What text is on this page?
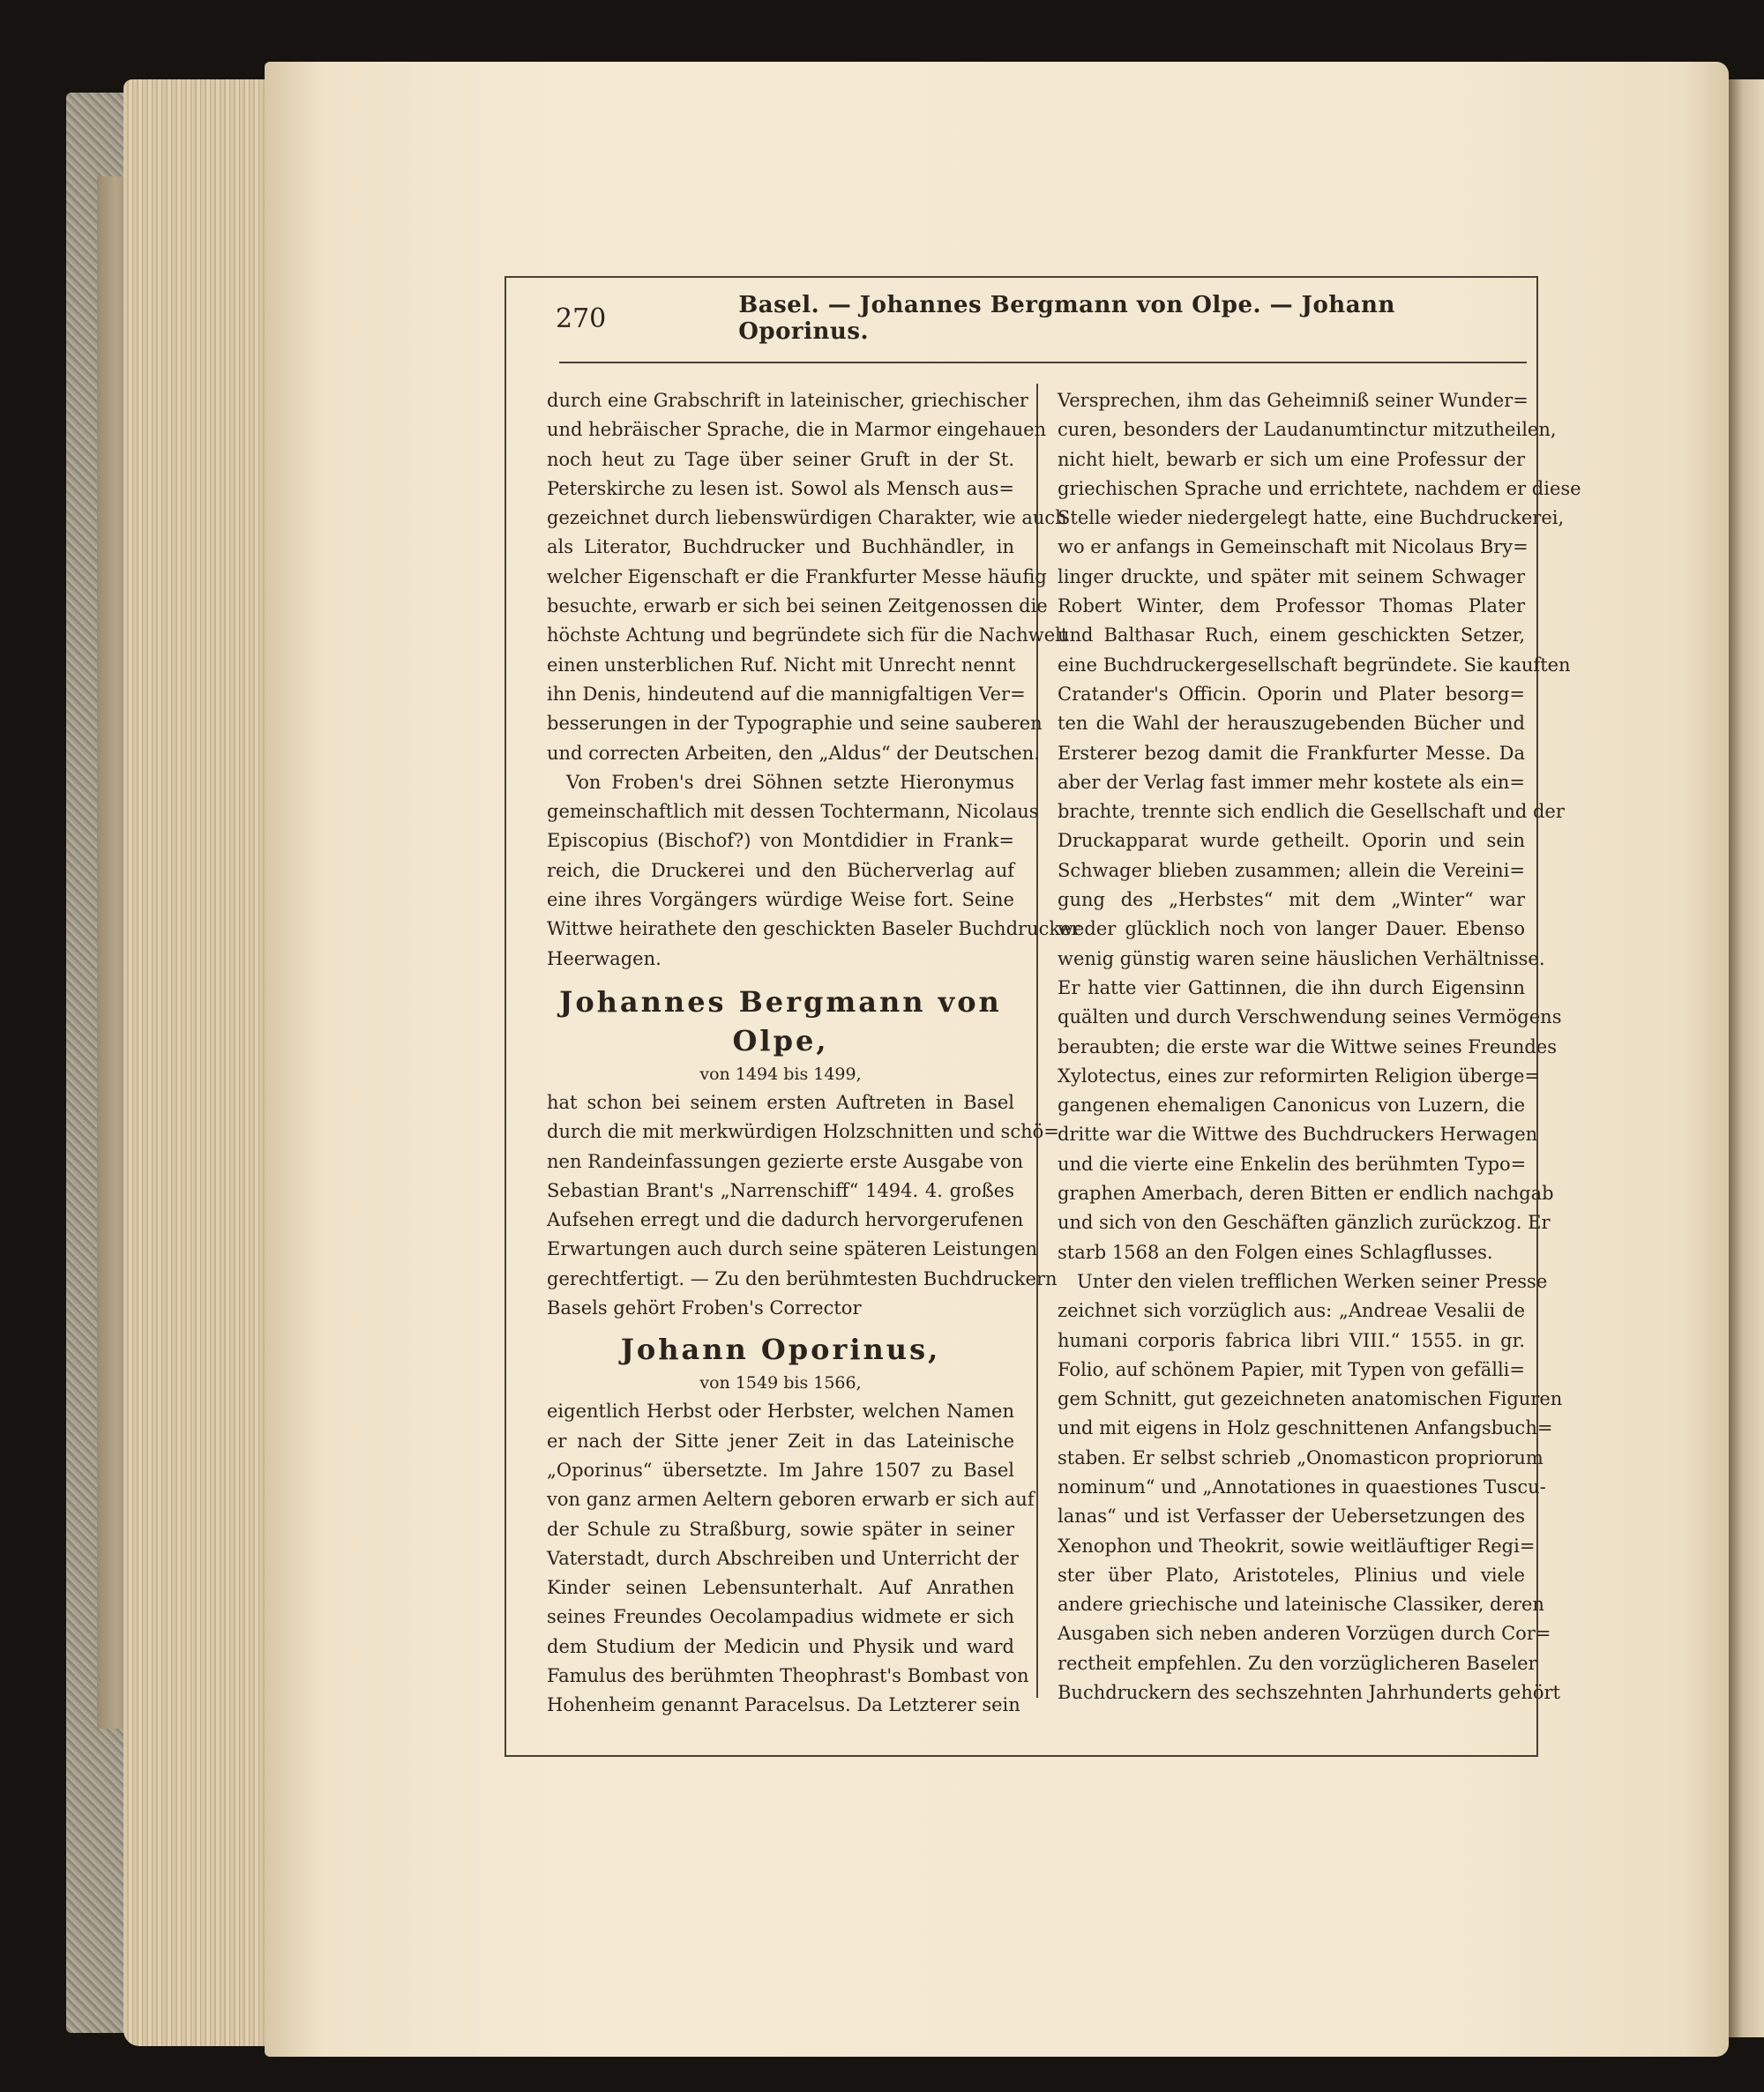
270	Basel. — Johannes Bergmann von Olpe. — Johann Oporinus.
durch eine Grabschrift in lateinischer, griechischer
und hebräischer Sprache, die in Marmor eingehauen
noch heut zu Tage über seiner Gruft in der St.
Peterskirche zu lesen ist. Sowol als Mensch aus=
gezeichnet durch liebenswürdigen Charakter, wie auch
als Literator, Buchdrucker und Buchhändler, in
welcher Eigenschaft er die Frankfurter Messe häufig
besuchte, erwarb er sich bei seinen Zeitgenossen die
höchste Achtung und begründete sich für die Nachwelt
einen unsterblichen Ruf. Nicht mit Unrecht nennt
ihn Denis, hindeutend auf die mannigfaltigen Ver=
besserungen in der Typographie und seine sauberen
und correcten Arbeiten, den „Aldus“ der Deutschen.
Von Froben's drei Söhnen setzte Hieronymus
gemeinschaftlich mit dessen Tochtermann, Nicolaus
Episcopius (Bischof?) von Montdidier in Frank=
reich, die Druckerei und den Bücherverlag auf
eine ihres Vorgängers würdige Weise fort. Seine
Wittwe heirathete den geschickten Baseler Buchdrucker
Heerwagen.
Johannes Bergmann von Olpe,
von 1494 bis 1499,
hat schon bei seinem ersten Auftreten in Basel
durch die mit merkwürdigen Holzschnitten und schö=
nen Randeinfassungen gezierte erste Ausgabe von
Sebastian Brant's „Narrenschiff“ 1494. 4. großes
Aufsehen erregt und die dadurch hervorgerufenen
Erwartungen auch durch seine späteren Leistungen
gerechtfertigt. — Zu den berühmtesten Buchdruckern
Basels gehört Froben's Corrector
Johann Oporinus,
von 1549 bis 1566,
eigentlich Herbst oder Herbster, welchen Namen
er nach der Sitte jener Zeit in das Lateinische
„Oporinus“ übersetzte. Im Jahre 1507 zu Basel
von ganz armen Aeltern geboren erwarb er sich auf
der Schule zu Straßburg, sowie später in seiner
Vaterstadt, durch Abschreiben und Unterricht der
Kinder seinen Lebensunterhalt. Auf Anrathen
seines Freundes Oecolampadius widmete er sich
dem Studium der Medicin und Physik und ward
Famulus des berühmten Theophrast's Bombast von
Hohenheim genannt Paracelsus. Da Letzterer sein
Versprechen, ihm das Geheimniß seiner Wunder=
curen, besonders der Laudanumtinctur mitzutheilen,
nicht hielt, bewarb er sich um eine Professur der
griechischen Sprache und errichtete, nachdem er diese
Stelle wieder niedergelegt hatte, eine Buchdruckerei,
wo er anfangs in Gemeinschaft mit Nicolaus Bry=
linger druckte, und später mit seinem Schwager
Robert Winter, dem Professor Thomas Plater
und Balthasar Ruch, einem geschickten Setzer,
eine Buchdruckergesellschaft begründete. Sie kauften
Cratander's Officin. Oporin und Plater besorg=
ten die Wahl der herauszugebenden Bücher und
Ersterer bezog damit die Frankfurter Messe. Da
aber der Verlag fast immer mehr kostete als ein=
brachte, trennte sich endlich die Gesellschaft und der
Druckapparat wurde getheilt. Oporin und sein
Schwager blieben zusammen; allein die Vereini=
gung des „Herbstes“ mit dem „Winter“ war
weder glücklich noch von langer Dauer. Ebenso
wenig günstig waren seine häuslichen Verhältnisse.
Er hatte vier Gattinnen, die ihn durch Eigensinn
quälten und durch Verschwendung seines Vermögens
beraubten; die erste war die Wittwe seines Freundes
Xylotectus, eines zur reformirten Religion überge=
gangenen ehemaligen Canonicus von Luzern, die
dritte war die Wittwe des Buchdruckers Herwagen
und die vierte eine Enkelin des berühmten Typo=
graphen Amerbach, deren Bitten er endlich nachgab
und sich von den Geschäften gänzlich zurückzog. Er
starb 1568 an den Folgen eines Schlagflusses.
Unter den vielen trefflichen Werken seiner Presse
zeichnet sich vorzüglich aus: „Andreae Vesalii de
humani corporis fabrica libri VIII.“ 1555. in gr.
Folio, auf schönem Papier, mit Typen von gefälli=
gem Schnitt, gut gezeichneten anatomischen Figuren
und mit eigens in Holz geschnittenen Anfangsbuch=
staben. Er selbst schrieb „Onomasticon propriorum
nominum“ und „Annotationes in quaestiones Tuscu-
lanas“ und ist Verfasser der Uebersetzungen des
Xenophon und Theokrit, sowie weitläuftiger Regi=
ster über Plato, Aristoteles, Plinius und viele
andere griechische und lateinische Classiker, deren
Ausgaben sich neben anderen Vorzügen durch Cor=
rectheit empfehlen. Zu den vorzüglicheren Baseler
Buchdruckern des sechszehnten Jahrhunderts gehört
